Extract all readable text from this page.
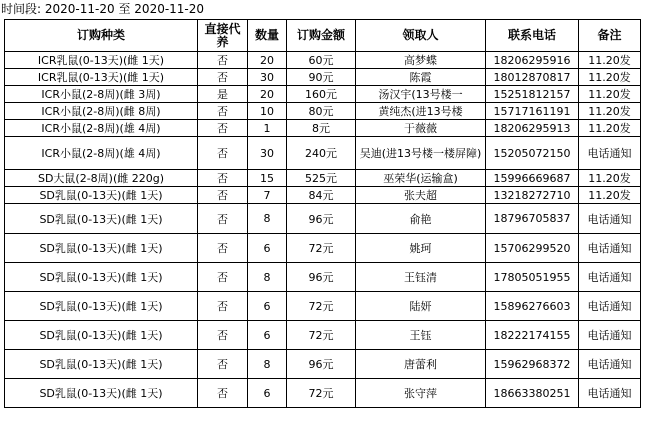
时间段: 2020-11-20 至 2020-11-20
订购种类	直接代养	数量	订购金额	领取人	联系电话	备注
ICR乳鼠(0-13天)(雌 1天)	否	20	60元	高梦蝶	18206295916	11.20发
ICR乳鼠(0-13天)(雌 1天)	否	30	90元	陈霞	18012870817	11.20发
ICR小鼠(2-8周)(雌 3周)	是	20	160元	汤汉宇(13号楼一	15251812157	11.20发
ICR小鼠(2-8周)(雌 8周)	否	10	80元	黄纯杰(进13号楼	15717161191	11.20发
ICR小鼠(2-8周)(雄 4周)	否	1	8元	于薇薇	18206295913	11.20发
ICR小鼠(2-8周)(雄 4周)	否	30	240元	吴迪(进13号楼一楼屏障)	15205072150	电话通知
SD大鼠(2-8周)(雌 220g)	否	15	525元	巫荣华(运输盒)	15996669687	11.20发
SD乳鼠(0-13天)(雌 1天)	否	7	84元	张夫超	13218272710	11.20发
SD乳鼠(0-13天)(雌 1天)	否	8	96元	俞艳	18796705837	电话通知
SD乳鼠(0-13天)(雌 1天)	否	6	72元	姚珂	15706299520	电话通知
SD乳鼠(0-13天)(雌 1天)	否	8	96元	王钰清	17805051955	电话通知
SD乳鼠(0-13天)(雌 1天)	否	6	72元	陆妍	15896276603	电话通知
SD乳鼠(0-13天)(雌 1天)	否	6	72元	王钰	18222174155	电话通知
SD乳鼠(0-13天)(雌 1天)	否	8	96元	唐蕾利	15962968372	电话通知
SD乳鼠(0-13天)(雌 1天)	否	6	72元	张守萍	18663380251	电话通知
